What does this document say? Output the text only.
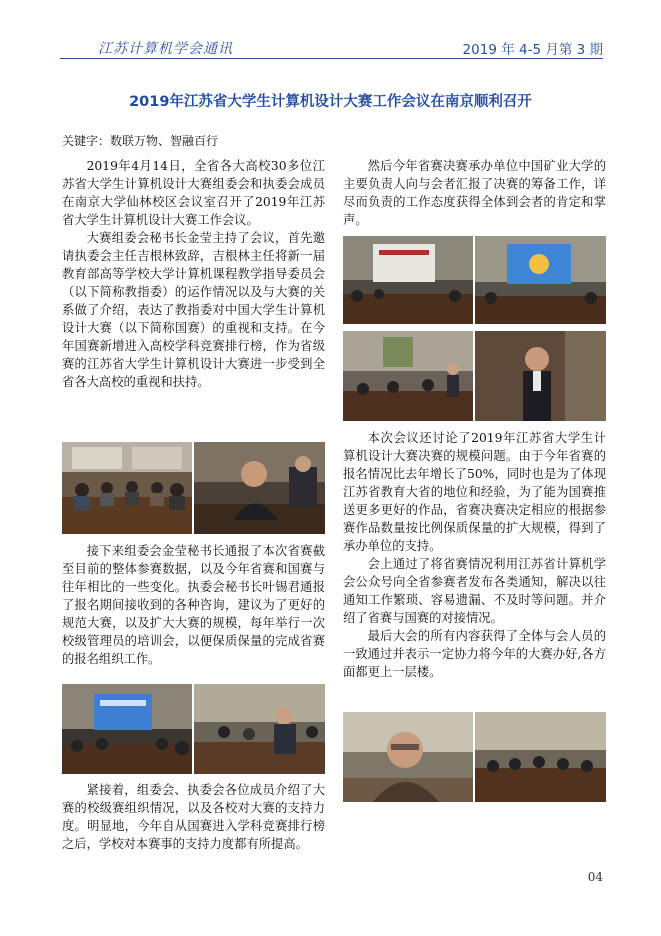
江苏计算机学会通讯	2019 年 4-5 月第 3 期
2019年江苏省大学生计算机设计大赛工作会议在南京顺利召开
关键字：数联万物、智融百行

2019年4月14日，全省各大高校30多位江苏省大学生计算机设计大赛组委会和执委会成员在南京大学仙林校区会议室召开了2019年江苏省大学生计算机设计大赛工作会议。

大赛组委会秘书长金莹主持了会议，首先邀请执委会主任吉根林致辞，吉根林主任将新一届教育部高等学校大学计算机课程教学指导委员会（以下简称教指委）的运作情况以及与大赛的关系做了介绍，表达了教指委对中国大学生计算机设计大赛（以下简称国赛）的重视和支持。在今年国赛新增进入高校学科竞赛排行榜，作为省级赛的江苏省大学生计算机设计大赛进一步受到全省各大高校的重视和扶持。

接下来组委会金莹秘书长通报了本次省赛截至目前的整体参赛数据，以及今年省赛和国赛与往年相比的一些变化。执委会秘书长叶锡君通报了报名期间接收到的各种咨询，建议为了更好的规范大赛，以及扩大大赛的规模，每年举行一次校级管理员的培训会，以便保质保量的完成省赛的报名组织工作。

紧接着，组委会、执委会各位成员介绍了大赛的校级赛组织情况，以及各校对大赛的支持力度。明显地，今年自从国赛进入学科竞赛排行榜之后，学校对本赛事的支持力度都有所提高。

然后今年省赛决赛承办单位中国矿业大学的主要负责人向与会者汇报了决赛的筹备工作，详尽而负责的工作态度获得全体到会者的肯定和掌声。

本次会议还讨论了2019年江苏省大学生计算机设计大赛决赛的规模问题。由于今年省赛的报名情况比去年增长了50%，同时也是为了体现江苏省教育大省的地位和经验，为了能为国赛推送更多更好的作品，省赛决赛决定相应的根据参赛作品数量按比例保质保量的扩大规模，得到了承办单位的支持。

会上通过了将省赛情况利用江苏省计算机学会公众号向全省参赛者发布各类通知，解决以往通知工作繁琐、容易遗漏、不及时等问题。并介绍了省赛与国赛的对接情况。

最后大会的所有内容获得了全体与会人员的一致通过并表示一定协力将今年的大赛办好,各方面都更上一层楼。

04
